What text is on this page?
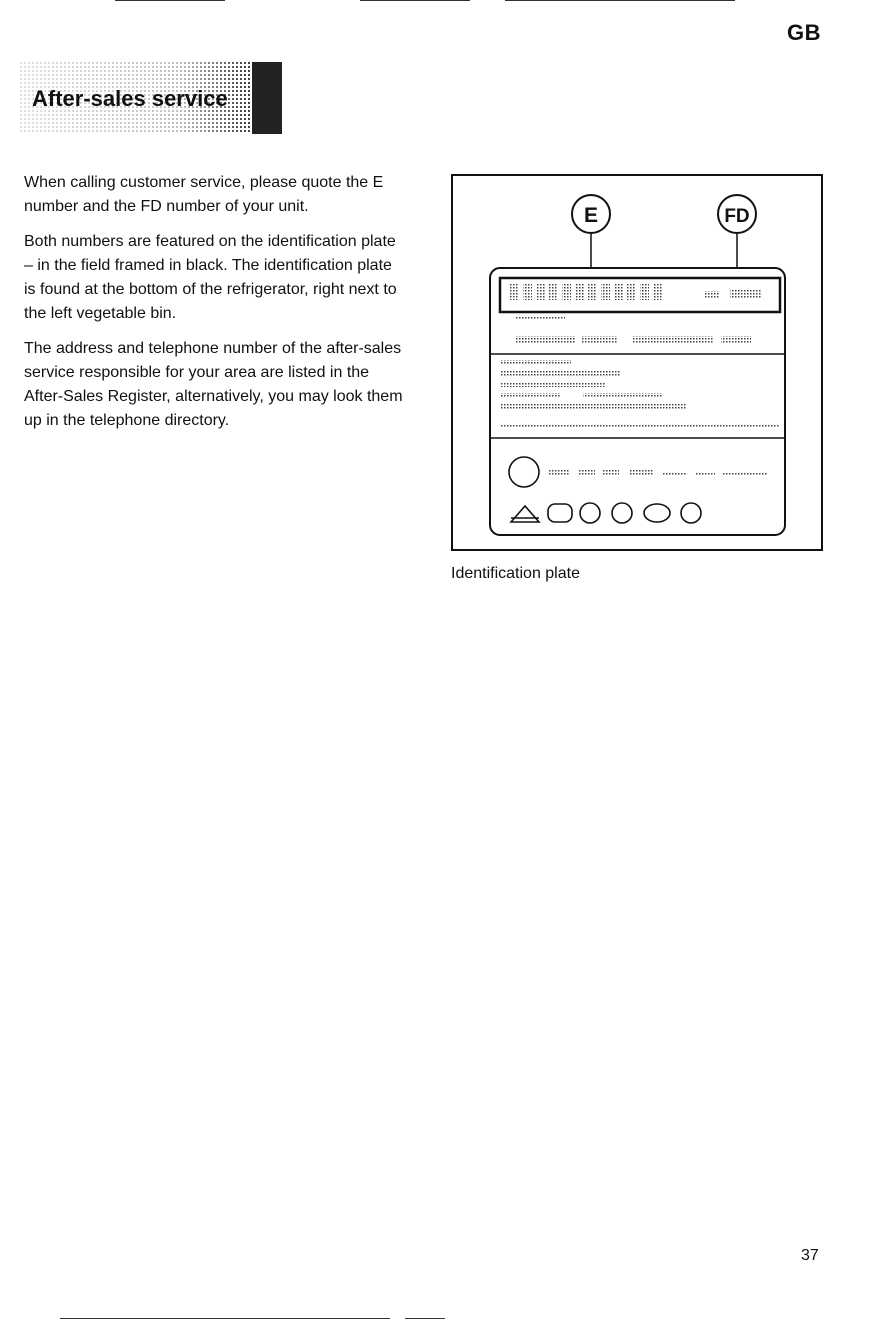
GB
After-sales service

When calling customer service, please quote the E number and the FD number of your unit.

Both numbers are featured on the identification plate – in the field framed in black. The identification plate is found at the bottom of the refrigerator, right next to the left vegetable bin.

The address and telephone number of the after-sales service responsible for your area are listed in the After-Sales Register, alternatively, you may look them up in the telephone directory.

E	FD
Identification plate
37
